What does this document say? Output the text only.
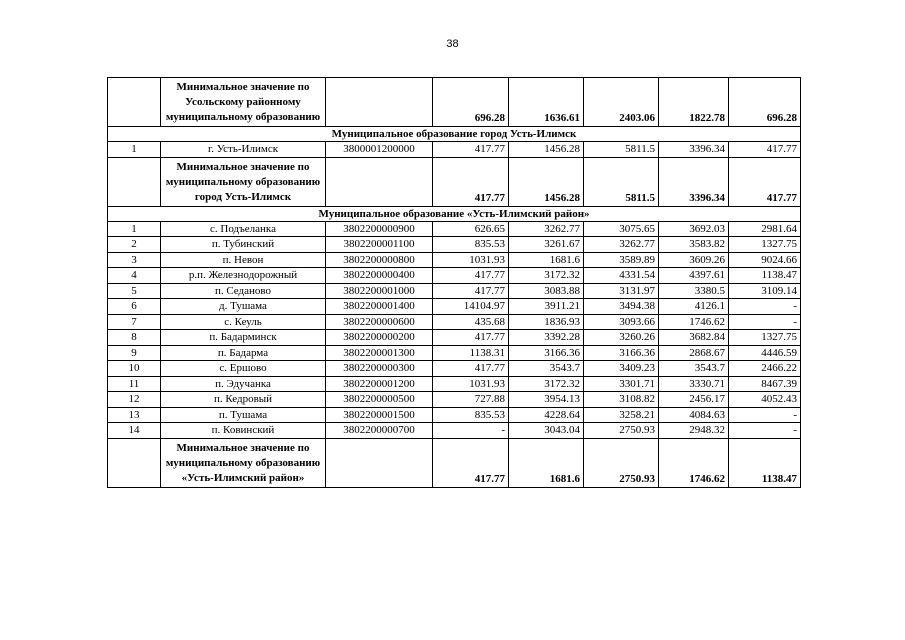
38
	Минимальное значение по Усольскому районному муниципальному образованию		696.28	1636.61	2403.06	1822.78	696.28
Муниципальное образование город Усть-Илимск							
1	г. Усть-Илимск	3800001200000	417.77	1456.28	5811.5	3396.34	417.77
	Минимальное значение по муниципальному образованию город Усть-Илимск		417.77	1456.28	5811.5	3396.34	417.77
Муниципальное образование «Усть-Илимский район»							
1	с. Подъеланка	3802200000900	626.65	3262.77	3075.65	3692.03	2981.64
2	п. Тубинский	3802200001100	835.53	3261.67	3262.77	3583.82	1327.75
3	п. Невон	3802200000800	1031.93	1681.6	3589.89	3609.26	9024.66
4	р.п. Железнодорожный	3802200000400	417.77	3172.32	4331.54	4397.61	1138.47
5	п. Седаново	3802200001000	417.77	3083.88	3131.97	3380.5	3109.14
6	д. Тушама	3802200001400	14104.97	3911.21	3494.38	4126.1	-
7	с. Кеуль	3802200000600	435.68	1836.93	3093.66	1746.62	-
8	п. Бадарминск	3802200000200	417.77	3392.28	3260.26	3682.84	1327.75
9	п. Бадарма	3802200001300	1138.31	3166.36	3166.36	2868.67	4446.59
10	с. Ершово	3802200000300	417.77	3543.7	3409.23	3543.7	2466.22
11	п. Эдучанка	3802200001200	1031.93	3172.32	3301.71	3330.71	8467.39
12	п. Кедровый	3802200000500	727.88	3954.13	3108.82	2456.17	4052.43
13	п. Тушама	3802200001500	835.53	4228.64	3258.21	4084.63	-
14	п. Ковинский	3802200000700	-	3043.04	2750.93	2948.32	-
	Минимальное значение по муниципальному образованию «Усть-Илимский район»		417.77	1681.6	2750.93	1746.62	1138.47
